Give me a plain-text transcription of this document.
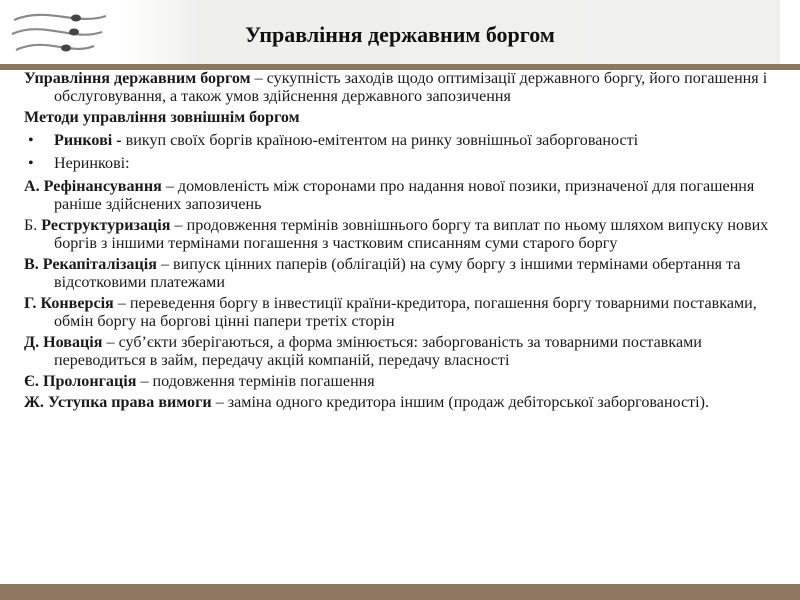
Управління державним боргом

Управління державним боргом – сукупність заходів щодо оптимізації державного боргу, його погашення і обслуговування, а також умов здійснення державного запозичення

Методи управління зовнішнім боргом

• Ринкові - викуп своїх боргів країною-емітентом на ринку зовнішньої заборгованості

• Неринкові:

А. Рефінансування – домовленість між сторонами про надання нової позики, призначеної для погашення раніше здійснених запозичень

Б. Реструктуризація – продовження термінів зовнішнього боргу та виплат по ньому шляхом випуску нових боргів з іншими термінами погашення з частковим списанням суми старого боргу

В. Рекапіталізація – випуск цінних паперів (облігацій) на суму боргу з іншими термінами обертання та відсотковими платежами

Г. Конверсія – переведення боргу в інвестиції країни-кредитора, погашення боргу товарними поставками, обмін боргу на боргові цінні папери третіх сторін

Д. Новація – суб’єкти зберігаються, а форма змінюється: заборгованість за товарними поставками переводиться в займ, передачу акцій компаній, передачу власності

Є. Пролонгація – подовження термінів погашення

Ж. Уступка права вимоги – заміна одного кредитора іншим (продаж дебіторської заборгованості).
